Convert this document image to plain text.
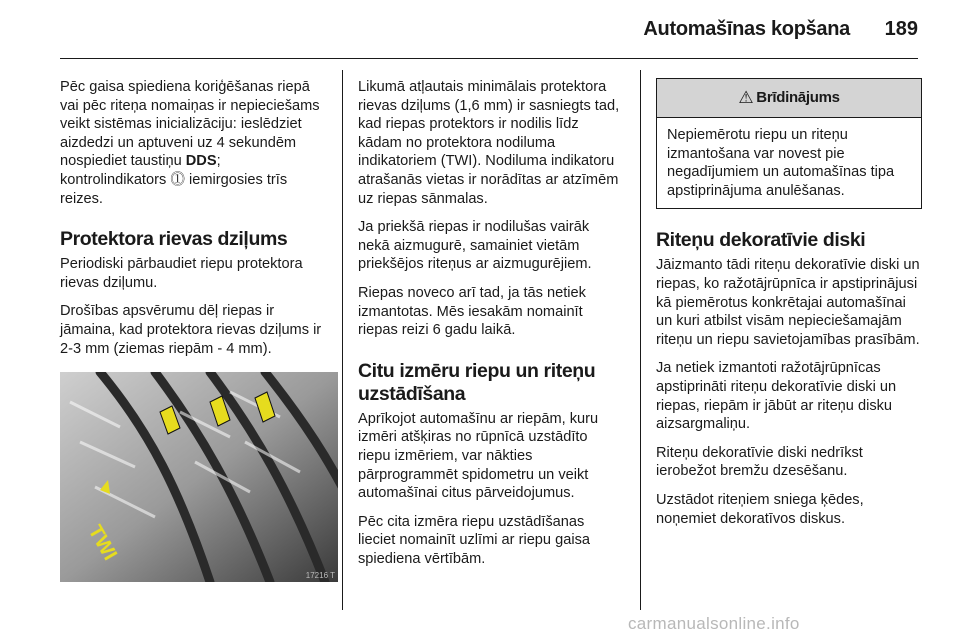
Automašīnas kopšana 189

Pēc gaisa spiediena koriģēšanas riepā vai pēc riteņa nomaiņas ir nepieciešams veikt sistēmas inicializāciju: ieslēdziet aizdedzi un aptuveni uz 4 sekundēm nospiediet taustiņu DDS; kontrolindikators ⓵ iemirgosies trīs reizes.

Protektora rievas dziļums

Periodiski pārbaudiet riepu protektora rievas dziļumu.

Drošības apsvērumu dēļ riepas ir jāmaina, kad protektora rievas dziļums ir 2-3 mm (ziemas riepām - 4 mm).

TWI
17216 T

Likumā atļautais minimālais protektora rievas dziļums (1,6 mm) ir sasniegts tad, kad riepas protektors ir nodilis līdz kādam no protektora nodiluma indikatoriem (TWI). Nodiluma indikatoru atrašanās vietas ir norādītas ar atzīmēm uz riepas sānmalas.

Ja priekšā riepas ir nodilušas vairāk nekā aizmugurē, samainiet vietām priekšējos riteņus ar aizmugurējiem.

Riepas noveco arī tad, ja tās netiek izmantotas. Mēs iesakām nomainīt riepas reizi 6 gadu laikā.

Citu izmēru riepu un riteņu uzstādīšana

Aprīkojot automašīnu ar riepām, kuru izmēri atšķiras no rūpnīcā uzstādīto riepu izmēriem, var nākties pārprogrammēt spidometru un veikt automašīnai citus pārveidojumus.

Pēc cita izmēra riepu uzstādīšanas lieciet nomainīt uzlīmi ar riepu gaisa spiediena vērtībām.

⚠ Brīdinājums
Nepiemērotu riepu un riteņu izmantošana var novest pie negadījumiem un automašīnas tipa apstiprinājuma anulēšanas.
Riteņu dekoratīvie diski

Jāizmanto tādi riteņu dekoratīvie diski un riepas, ko ražotājrūpnīca ir apstiprinājusi kā piemērotus konkrētajai automašīnai un kuri atbilst visām nepieciešamajām riteņu un riepu savietojamības prasībām.

Ja netiek izmantoti ražotājrūpnīcas apstiprināti riteņu dekoratīvie diski un riepas, riepām ir jābūt ar riteņu disku aizsargmaliņu.

Riteņu dekoratīvie diski nedrīkst ierobežot bremžu dzesēšanu.

Uzstādot riteņiem sniega ķēdes, noņemiet dekoratīvos diskus.

carmanualsonline.info
